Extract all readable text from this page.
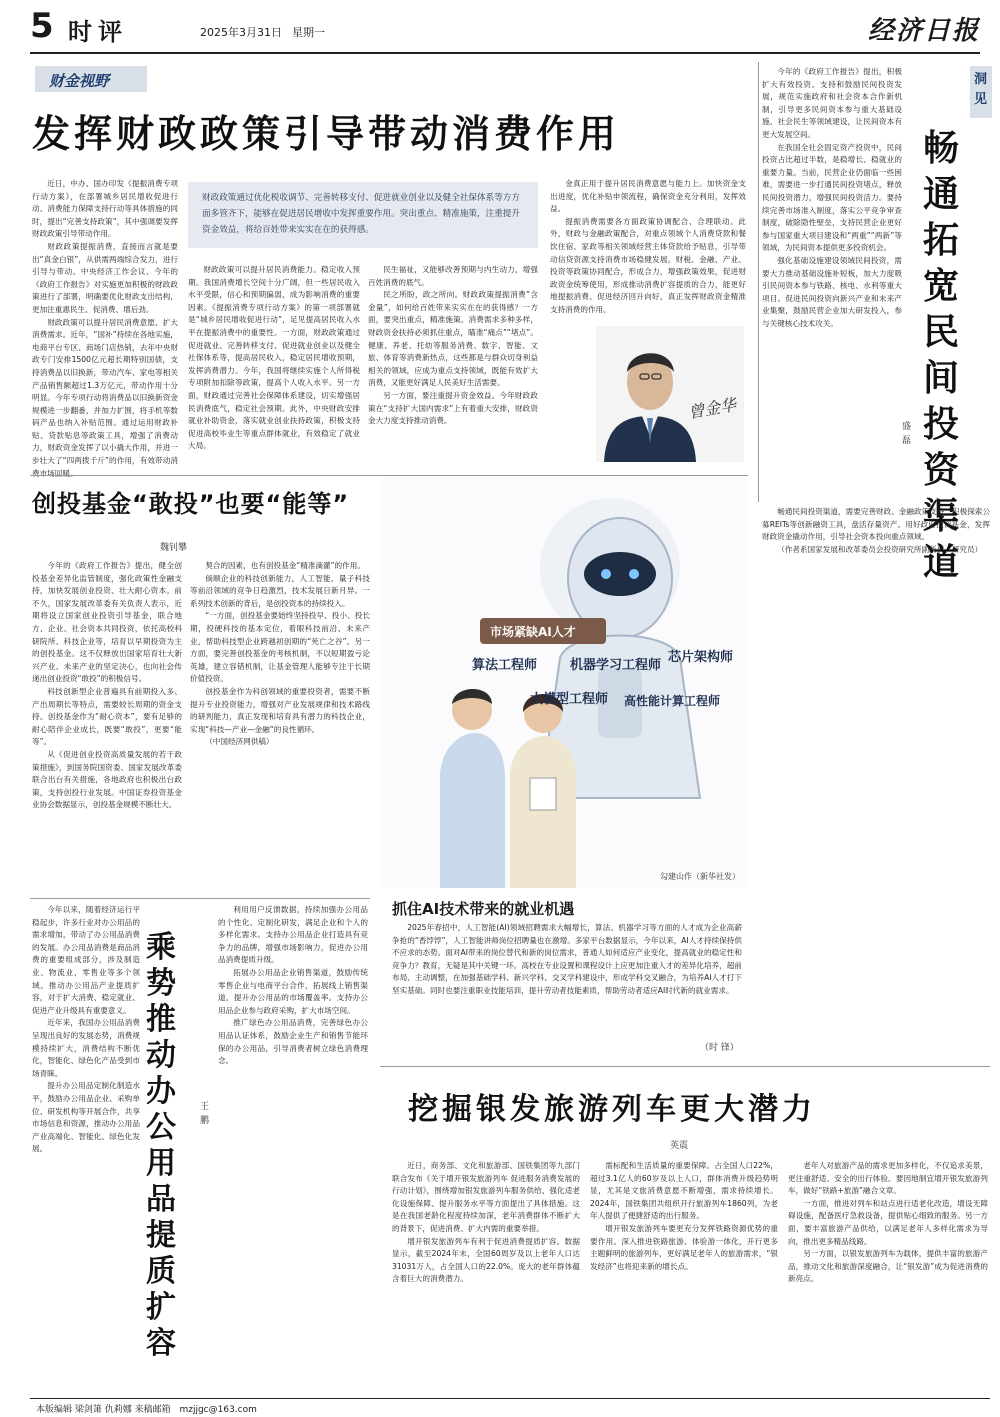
5 时评	2025年3月31日 星期一	经济日报
财金视野
发挥财政政策引导带动消费作用

近日，中办、国办印发《提振消费专项行动方案》，在部署城乡居民增收促进行动、消费能力保障支持行动等具体措施的同时，提出“完善支持政策”，其中强调要发挥财政政策引导带动作用。

财政政策提振消费，直接而言就是要出“真金白银”，从供需两端综合发力，进行引导与带动。中央经济工作会议、今年的《政府工作报告》对实施更加积极的财政政策进行了部署，明确要优化财政支出结构，更加注重惠民生、促消费、增后劲。

财政政策可以提升居民消费意愿、扩大消费需求。近年，“国补”持续在各地实施，电商平台专区、商场门店热销，去年中央财政专门安排1500亿元超长期特别国债，支持消费品以旧换新，带动汽车、家电等相关产品销售额超过1.3万亿元，带动作用十分明显。今年专项行动将消费品以旧换新资金规模进一步翻番，并加力扩围，将手机等数码产品也纳入补贴范围。通过运用财政补贴、贷款贴息等政策工具，增强了消费动力，财政资金发挥了以小撬大作用，并进一步壮大了“四两拨千斤”的作用，有效带动消费市场回暖。

财政政策通过优化税收调节、完善转移支付、促进就业创业以及健全社保体系等方方面多管齐下，能够在促进居民增收中发挥重要作用。突出重点、精准施策，注重提升资金效益，将给百姓带来实实在在的获得感。

财政政策可以提升居民消费能力。稳定收入预期。我国消费增长空间十分广阔，但一些居民收入水平受限，信心和预期偏弱，成为影响消费的重要因素。《提振消费专项行动方案》的第一项部署就是“城乡居民增收促进行动”，足见提高居民收入水平在提振消费中的重要性。一方面，财政政策通过促进就业、完善转移支付、促进就业创业以及健全社保体系等，提高居民收入，稳定居民增收预期，发挥消费潜力。今年，我国将继续实施个人所得税专项附加扣除等政策，提高个人收入水平。另一方面，财政通过完善社会保障体系建设，切实增强居民消费底气，稳定社会预期。此外，中央财政安排就业补助资金，落实就业创业扶持政策，积极支持促进高校毕业生等重点群体就业，有效稳定了就业大局。

民生福祉，又能够改善预期与内生动力，增强百姓消费的底气。

民之所盼，政之所向。财政政策提振消费“含金量”，如何给百姓带来实实在在的获得感？一方面，要突出重点，精准施策。消费需求多种多样，财政资金扶持必须抓住重点，瞄准“痛点”“堵点”。健康、养老、托幼等服务消费、数字、智能、文旅、体育等消费新热点，这些都是与群众切身利益相关的领域，应成为重点支持领域，既能有效扩大消费，又能更好满足人民美好生活需要。

另一方面，要注重提升资金效益。今年财政政策在“支持扩大国内需求”上有着重大安排，财政资金大力度支持推动消费。

金真正用于提升居民消费意愿与能力上。加快资金支出进度，优化补贴申领流程，确保资金充分利用，发挥效益。

提振消费需要各方面政策协调配合、合理联动。此外，财政与金融政策配合，对重点领域个人消费贷款和餐饮住宿、家政等相关领域经营主体贷款给予贴息，引导带动信贷资源支持消费市场稳健发展。财税、金融、产业、投资等政策协同配合，形成合力，增强政策效果，促进财政资金统筹使用，形成推动消费扩容提质的合力，能更好地提振消费、促进经济回升向好，真正发挥财政资金精准支持消费的作用。

曾金华

今年的《政府工作报告》提出，积极扩大有效投资。支持和鼓励民间投资发展，规范实施政府和社会资本合作新机制，引导更多民间资本参与重大基础设施、社会民生等领域建设，让民间资本有更大发展空间。

在我国全社会固定资产投资中，民间投资占比超过半数，是稳增长、稳就业的重要力量。当前，民营企业仍面临一些困难，需要进一步打通民间投资堵点，释放民间投资潜力，增强民间投资活力。要持续完善市场准入制度，落实公平竞争审查制度，破除隐性壁垒，支持民营企业更好参与国家重大项目建设和“两重”“两新”等领域，为民间资本提供更多投资机会。

强化基础设施建设领域民间投资，需要大力推动基础设施补短板，加大力度吸引民间资本参与铁路、核电、水利等重大项目。促进民间投资向新兴产业和未来产业集聚，鼓励民营企业加大研发投入，参与关键核心技术攻关。

洞见
畅通拓宽民间投资渠道
盛磊

畅通民间投资渠道，需要完善财政、金融政策支持，积极探索公募REITs等创新融资工具，盘活存量资产。用好政府投资基金，发挥财政资金撬动作用，引导社会资本投向重点领域。

（作者系国家发展和改革委员会投资研究所副所长、研究员）

创投基金“敢投”也要“能等”
魏钊攀

今年的《政府工作报告》提出，健全创投基金差异化监管制度，强化政策性金融支持，加快发展创业投资、壮大耐心资本。前不久，国家发展改革委有关负责人表示，近期将设立国家创业投资引导基金，联合地方、企业、社会资本共同投资，依托高校科研院所、科技企业等，培育以早期投资为主的创投基金。这不仅释放出国家培育壮大新兴产业、未来产业的坚定决心，也向社会传递出创业投资“敢投”的积极信号。

科技创新型企业普遍具有前期投入多、产出周期长等特点，需要较长周期的资金支持。创投基金作为“耐心资本”，要有足够的耐心陪伴企业成长，既要“敢投”，更要“能等”。

从《促进创业投资高质量发展的若干政策措施》，到国务院国资委、国家发展改革委联合出台有关措施，各地政府也积极出台政策，支持创投行业发展。中国证券投资基金业协会数据显示，创投基金规模不断壮大。

契合的因素，也有创投基金“精准滴灌”的作用。

倘顺企业的科技创新能力，人工智能、量子科技等前沿领域的竞争日趋激烈，技术发展日新月异。一系列技术创新的背后，是创投资本的持续投入。

“一方面，创投基金要始终坚持投早、投小、投长期，投硬科技的基本定位，着眼科技前沿、未来产业，帮助科技型企业跨越初创期的“死亡之谷”。另一方面，要完善创投基金的考核机制，不以短期盈亏论英雄，建立容错机制，让基金管理人能够专注于长期价值投资。

创投基金作为科创领域的重要投资者，需要不断提升专业投资能力，增强对产业发展规律和技术路线的研判能力，真正发现和培育具有潜力的科技企业，实现“科技—产业—金融”的良性循环。

（中国经济网供稿）

市场紧缺AI人才
算法工程师	机器学习工程师
芯片架构师
大模型工程师 高性能计算工程师
勾建山作（新华社发）
抓住AI技术带来的就业机遇

2025年春招中，人工智能(AI)领域招聘需求大幅增长，算法、机器学习等方面的人才成为企业高薪争抢的“香饽饽”，人工智能讲师岗位招聘量也在激增。多家平台数据显示，今年以来，AI人才持续保持供不应求的态势。面对AI带来的岗位替代和新的岗位需求，普通人如何适应产业变化，提高就业的稳定性和竞争力？教育，无疑是其中关键一环。高校在专业设置和课程设计上应更加注重人才的差异化培养，超前布局、主动调整，在加强基础学科、新兴学科、交叉学科建设中，形成学科交叉融合，为培养AI人才打下坚实基础。同时也要注重职业技能培训，提升劳动者技能素质，帮助劳动者适应AI时代新的就业需求。

（时 锋）

今年以来，随着经济运行平稳起步，许多行业对办公用品的需求增加，带动了办公用品消费的发展。办公用品消费是商品消费的重要组成部分，涉及制造业、物流业、零售业等多个领域。推动办公用品产业提质扩容，对于扩大消费、稳定就业、促进产业升级具有重要意义。

近年来，我国办公用品消费呈现出良好的发展态势，消费规模持续扩大，消费结构不断优化，智能化、绿色化产品受到市场青睐。

提升办公用品定制化制造水平，鼓励办公用品企业、采购单位、研发机构等开展合作，共享市场信息和资源，推动办公用品产业高端化、智能化、绿色化发展。

乘势推动办公用品提质扩容
王鹏

利用用户反馈数据，持续加强办公用品的个性化、定制化研发，满足企业和个人的多样化需求。支持办公用品企业打造具有竞争力的品牌，增强市场影响力，促进办公用品消费提质升级。

拓展办公用品企业销售渠道，鼓励传统零售企业与电商平台合作，拓展线上销售渠道，提升办公用品的市场覆盖率。支持办公用品企业参与政府采购，扩大市场空间。

推广绿色办公用品消费，完善绿色办公用品认证体系，鼓励企业生产和销售节能环保的办公用品，引导消费者树立绿色消费理念。

挖掘银发旅游列车更大潜力
英震

近日，商务部、文化和旅游部、国铁集团等九部门联合发布《关于增开银发旅游列车 促进服务消费发展的行动计划》，围绕增加银发旅游列车服务供给、强化适老化设施保障、提升服务水平等方面提出了具体措施。这是在我国老龄化程度持续加深，老年消费群体不断扩大的背景下，促进消费、扩大内需的重要举措。

增开银发旅游列车有利于促进消费提质扩容。数据显示，截至2024年末，全国60周岁及以上老年人口达31031万人，占全国人口的22.0%。庞大的老年群体蕴含着巨大的消费潜力。

需标配和生活质量的重要保障。占全国人口22%，超过3.1亿人的60岁及以上人口，群体消费升级趋势明显，尤其是文旅消费意愿不断增强，需求持续增长。2024年，国铁集团共组织开行旅游列车1860列，为老年人提供了便捷舒适的出行服务。

增开银发旅游列车要更充分发挥铁路资源优势的重要作用。深入推进铁路旅游、体验游一体化，开行更多主题鲜明的旅游列车，更好满足老年人的旅游需求，“银发经济”也将迎来新的增长点。

老年人对旅游产品的需求更加多样化，不仅追求美景，更注重舒适、安全的出行体验。要因地制宜增开银发旅游列车，做好“铁路+旅游”融合文章。

一方面，推进对列车和站点进行适老化改造，增设无障碍设施，配备医疗急救设备，提供贴心细致的服务。另一方面，要丰富旅游产品供给，以满足老年人多样化需求为导向，推出更多精品线路。

另一方面，以银发旅游列车为载体，提供丰富的旅游产品，推动文化和旅游深度融合，让“银发游”成为促进消费的新亮点。

本版编辑 梁剑箫 仇莉娜 来稿邮箱 mzjjgc@163.com
